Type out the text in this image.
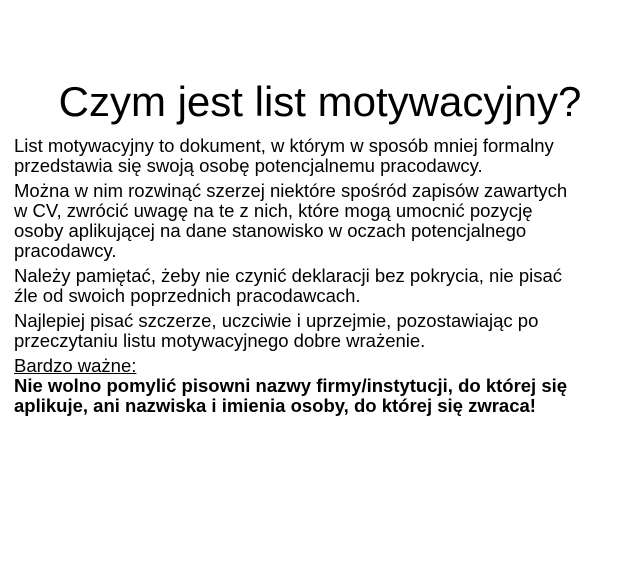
Czym jest list motywacyjny?

List motywacyjny to dokument, w którym w sposób mniej formalny
przedstawia się swoją osobę potencjalnemu pracodawcy.

Można w nim rozwinąć szerzej niektóre spośród zapisów zawartych
w CV, zwrócić uwagę na te z nich, które mogą umocnić pozycję
osoby aplikującej na dane stanowisko w oczach potencjalnego
pracodawcy.

Należy pamiętać, żeby nie czynić deklaracji bez pokrycia, nie pisać
źle od swoich poprzednich pracodawcach.

Najlepiej pisać szczerze, uczciwie i uprzejmie, pozostawiając po
przeczytaniu listu motywacyjnego dobre wrażenie.

Bardzo ważne:
Nie wolno pomylić pisowni nazwy firmy/instytucji, do której się
aplikuje, ani nazwiska i imienia osoby, do której się zwraca!
